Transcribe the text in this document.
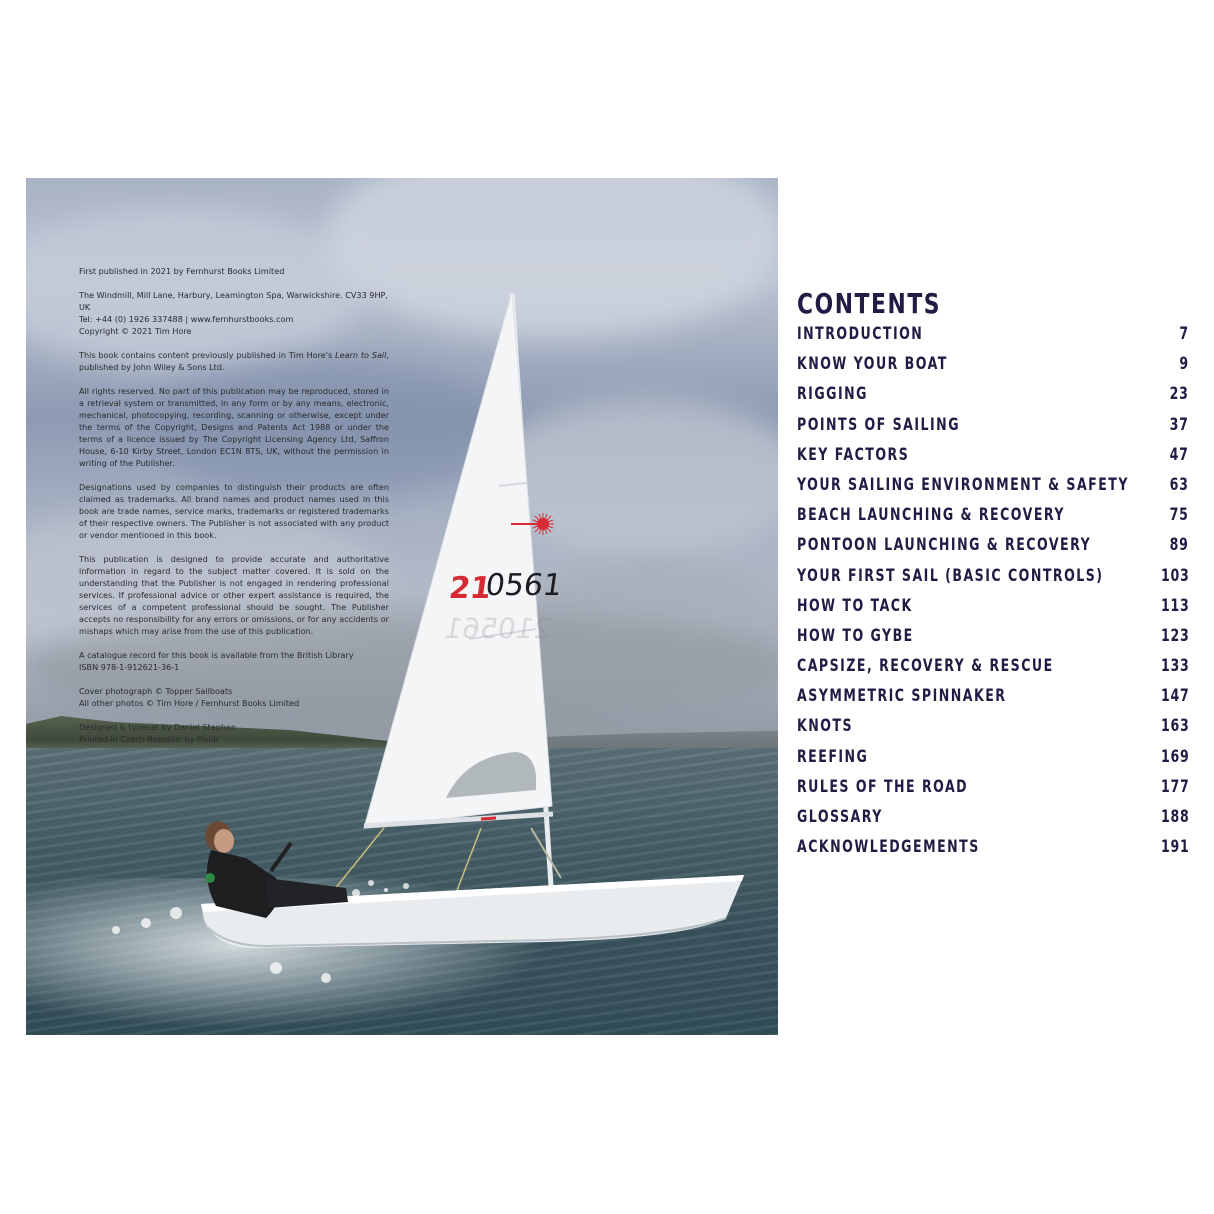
21
0561
210561

First published in 2021 by Fernhurst Books Limited

The Windmill, Mill Lane, Harbury, Leamington Spa, Warwickshire. CV33 9HP,
UK
Tel: +44 (0) 1926 337488 | www.fernhurstbooks.com
Copyright © 2021 Tim Hore

This book contains content previously published in Tim Hore's Learn to Sail, published by John Wiley & Sons Ltd.

All rights reserved. No part of this publication may be reproduced, stored in a retrieval system or transmitted, in any form or by any means, electronic, mechanical, photocopying, recording, scanning or otherwise, except under the terms of the Copyright, Designs and Patents Act 1988 or under the terms of a licence issued by The Copyright Licensing Agency Ltd, Saffron House, 6-10 Kirby Street, London EC1N 8TS, UK, without the permission in writing of the Publisher.

Designations used by companies to distinguish their products are often claimed as trademarks. All brand names and product names used in this book are trade names, service marks, trademarks or registered trademarks of their respective owners. The Publisher is not associated with any product or vendor mentioned in this book.

This publication is designed to provide accurate and authoritative information in regard to the subject matter covered. It is sold on the understanding that the Publisher is not engaged in rendering professional services. If professional advice or other expert assistance is required, the services of a competent professional should be sought. The Publisher accepts no responsibility for any errors or omissions, or for any accidents or mishaps which may arise from the use of this publication.

A catalogue record for this book is available from the British Library
ISBN 978-1-912621-36-1

Cover photograph © Topper Sailboats
All other photos © Tim Hore / Fernhurst Books Limited

Designed & typeset by Daniel Stephen
Printed in Czech Republic by Finidr

CONTENTS
INTRODUCTION	7
KNOW YOUR BOAT	9
RIGGING	23
POINTS OF SAILING	37
KEY FACTORS	47
YOUR SAILING ENVIRONMENT & SAFETY 63
BEACH LAUNCHING & RECOVERY	75
PONTOON LAUNCHING & RECOVERY	89
YOUR FIRST SAIL (BASIC CONTROLS)	103
HOW TO TACK	113
HOW TO GYBE	123
CAPSIZE, RECOVERY & RESCUE	133
ASYMMETRIC SPINNAKER	147
KNOTS	163
REEFING	169
RULES OF THE ROAD	177
GLOSSARY	188
ACKNOWLEDGEMENTS	191
